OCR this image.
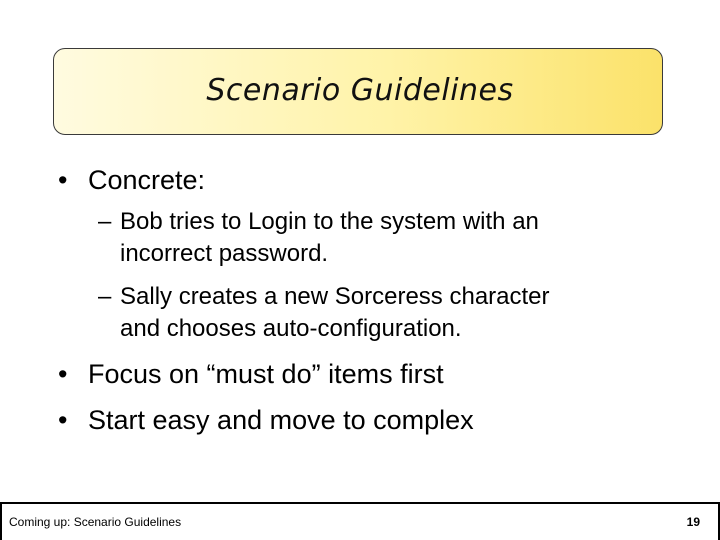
Scenario Guidelines
• Concrete:
– Bob tries to Login to the system with an
incorrect password.
– Sally creates a new Sorceress character
and chooses auto-configuration.
• Focus on “must do” items first
• Start easy and move to complex
Coming up: Scenario Guidelines	19
